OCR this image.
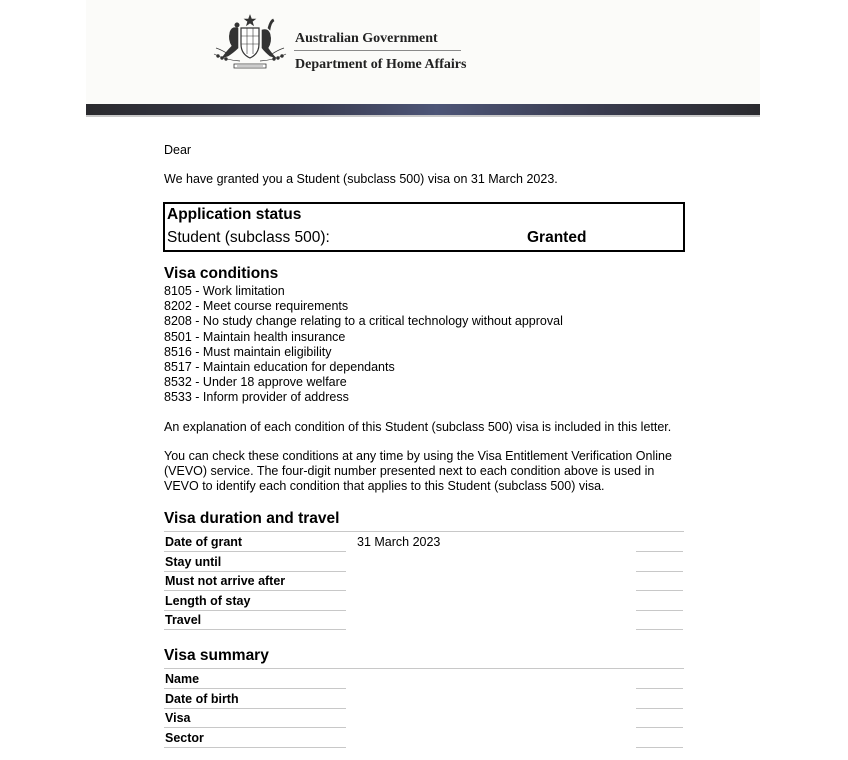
Australian Government
Department of Home Affairs
Dear
We have granted you a Student (subclass 500) visa on 31 March 2023.
Application status
Student (subclass 500):	Granted
Visa conditions
8105 - Work limitation
8202 - Meet course requirements
8208 - No study change relating to a critical technology without approval
8501 - Maintain health insurance
8516 - Must maintain eligibility
8517 - Maintain education for dependants
8532 - Under 18 approve welfare
8533 - Inform provider of address
An explanation of each condition of this Student (subclass 500) visa is included in this letter.
You can check these conditions at any time by using the Visa Entitlement Verification Online
(VEVO) service. The four-digit number presented next to each condition above is used in
VEVO to identify each condition that applies to this Student (subclass 500) visa.
Visa duration and travel
Date of grant	31 March 2023
Stay until
Must not arrive after
Length of stay
Travel
Visa summary
Name
Date of birth
Visa
Sector
